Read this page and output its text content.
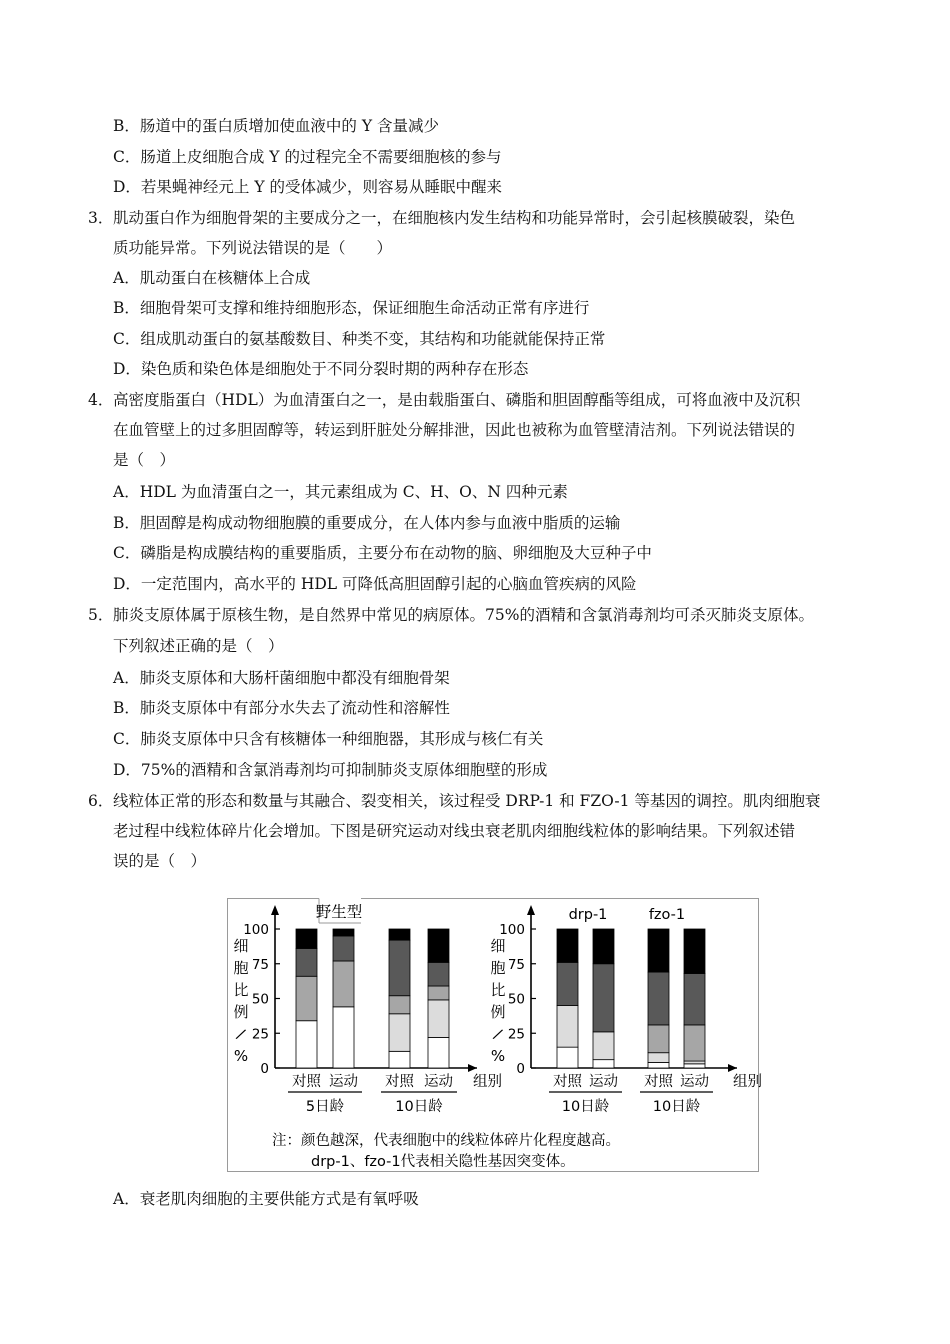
B．肠道中的蛋白质增加使血液中的 Y 含量减少
C．肠道上皮细胞合成 Y 的过程完全不需要细胞核的参与
D．若果蝇神经元上 Y 的受体减少，则容易从睡眠中醒来
3． 肌动蛋白作为细胞骨架的主要成分之一，在细胞核内发生结构和功能异常时，会引起核膜破裂，染色
质功能异常。下列说法错误的是（　　）
A．肌动蛋白在核糖体上合成
B．细胞骨架可支撑和维持细胞形态，保证细胞生命活动正常有序进行
C．组成肌动蛋白的氨基酸数目、种类不变，其结构和功能就能保持正常
D．染色质和染色体是细胞处于不同分裂时期的两种存在形态
4． 高密度脂蛋白（HDL）为血清蛋白之一，是由载脂蛋白、磷脂和胆固醇酯等组成，可将血液中及沉积
在血管壁上的过多胆固醇等，转运到肝脏处分解排泄，因此也被称为血管壁清洁剂。下列说法错误的
是（　）
A．HDL 为血清蛋白之一，其元素组成为 C、H、O、N 四种元素
B．胆固醇是构成动物细胞膜的重要成分，在人体内参与血液中脂质的运输
C．磷脂是构成膜结构的重要脂质，主要分布在动物的脑、卵细胞及大豆种子中
D．一定范围内，高水平的 HDL 可降低高胆固醇引起的心脑血管疾病的风险
5． 肺炎支原体属于原核生物，是自然界中常见的病原体。75%的酒精和含氯消毒剂均可杀灭肺炎支原体。
下列叙述正确的是（　）
A．肺炎支原体和大肠杆菌细胞中都没有细胞骨架
B．肺炎支原体中有部分水失去了流动性和溶解性
C．肺炎支原体中只含有核糖体一种细胞器，其形成与核仁有关
D．75%的酒精和含氯消毒剂均可抑制肺炎支原体细胞壁的形成
6． 线粒体正常的形态和数量与其融合、裂变相关，该过程受 DRP-1 和 FZO-1 等基因的调控。肌肉细胞衰
老过程中线粒体碎片化会增加。下图是研究运动对线虫衰老肌肉细胞线粒体的影响结果。下列叙述错
误的是（　）
A．衰老肌肉细胞的主要供能方式是有氧呼吸
细
胞
比
例
/
%
组别
100
75
50
25
0
对照 运动 对照 运动
5日龄	10日龄
野生型
细
胞
比
例
/
%
组别
100
75
50
25
0
对照 运动 对照 运动
10日龄	10日龄
drp-1	fzo-1
注：颜色越深，代表细胞中的线粒体碎片化程度越高。
drp-1、fzo-1代表相关隐性基因突变体。
